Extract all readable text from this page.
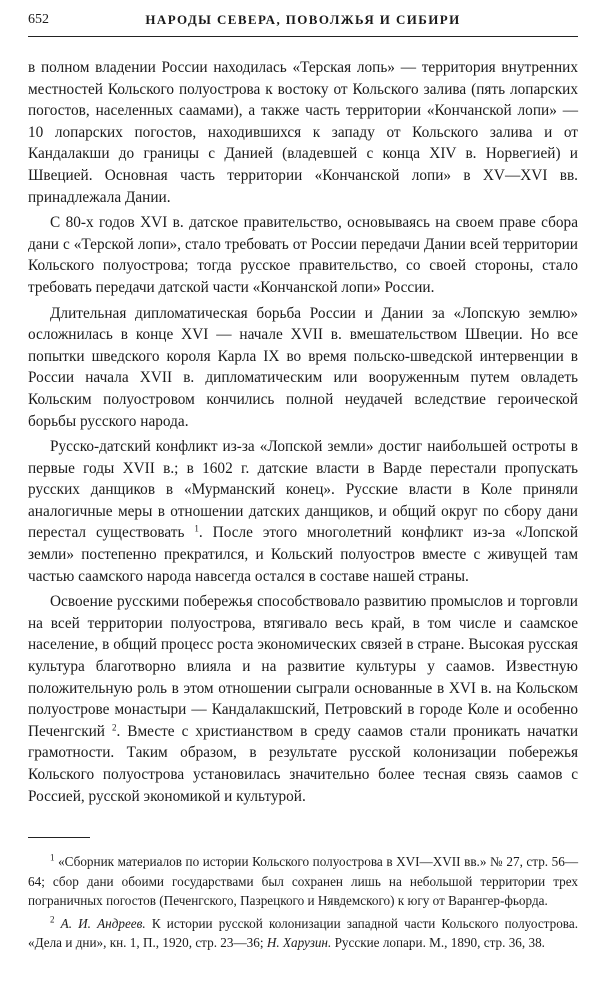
652	НАРОДЫ СЕВЕРА, ПОВОЛЖЬЯ И СИБИРИ

в полном владении России находилась «Терская лопь» — территория внутренних местностей Кольского полуострова к востоку от Кольского залива (пять лопарских погостов, населенных саамами), а также часть территории «Кончанской лопи» — 10 лопарских погостов, находившихся к западу от Кольского залива и от Кандалакши до границы с Данией (владевшей с конца XIV в. Норвегией) и Швецией. Основная часть территории «Кончанской лопи» в XV—XVI вв. принадлежала Дании.

С 80-х годов XVI в. датское правительство, основываясь на своем праве сбора дани с «Терской лопи», стало требовать от России передачи Дании всей территории Кольского полуострова; тогда русское правительство, со своей стороны, стало требовать передачи датской части «Кончанской лопи» России.

Длительная дипломатическая борьба России и Дании за «Лопскую землю» осложнилась в конце XVI — начале XVII в. вмешательством Швеции. Но все попытки шведского короля Карла IX во время польско-шведской интервенции в России начала XVII в. дипломатическим или вооруженным путем овладеть Кольским полуостровом кончились полной неудачей вследствие героической борьбы русского народа.

Русско-датский конфликт из-за «Лопской земли» достиг наибольшей остроты в первые годы XVII в.; в 1602 г. датские власти в Варде перестали пропускать русских данщиков в «Мурманский конец». Русские власти в Коле приняли аналогичные меры в отношении датских данщиков, и общий округ по сбору дани перестал существовать $^1$. После этого многолетний конфликт из-за «Лопской земли» постепенно прекратился, и Кольский полуостров вместе с живущей там частью саамского народа навсегда остался в составе нашей страны.

Освоение русскими побережья способствовало развитию промыслов и торговли на всей территории полуострова, втягивало весь край, в том числе и саамское население, в общий процесс роста экономических связей в стране. Высокая русская культура благотворно влияла и на развитие культуры у саамов. Известную положительную роль в этом отношении сыграли основанные в XVI в. на Кольском полуострове монастыри — Кандалакшский, Петровский в городе Коле и особенно Печенгский $^2$. Вместе с христианством в среду саамов стали проникать начатки грамотности. Таким образом, в результате русской колонизации побережья Кольского полуострова установилась значительно более тесная связь саамов с Россией, русской экономикой и культурой.

$^1$ «Сборник материалов по истории Кольского полуострова в XVI—XVII вв.» № 27, стр. 56—64; сбор дани обоими государствами был сохранен лишь на небольшой территории трех пограничных погостов (Печенгского, Пазрецкого и Нявдемского) к югу от Варангер-фьорда.

$^2$ А. И. Андреев. К истории русской колонизации западной части Кольского полуострова. «Дела и дни», кн. 1, П., 1920, стр. 23—36; Н. Харузин. Русские лопари. М., 1890, стр. 36, 38.
